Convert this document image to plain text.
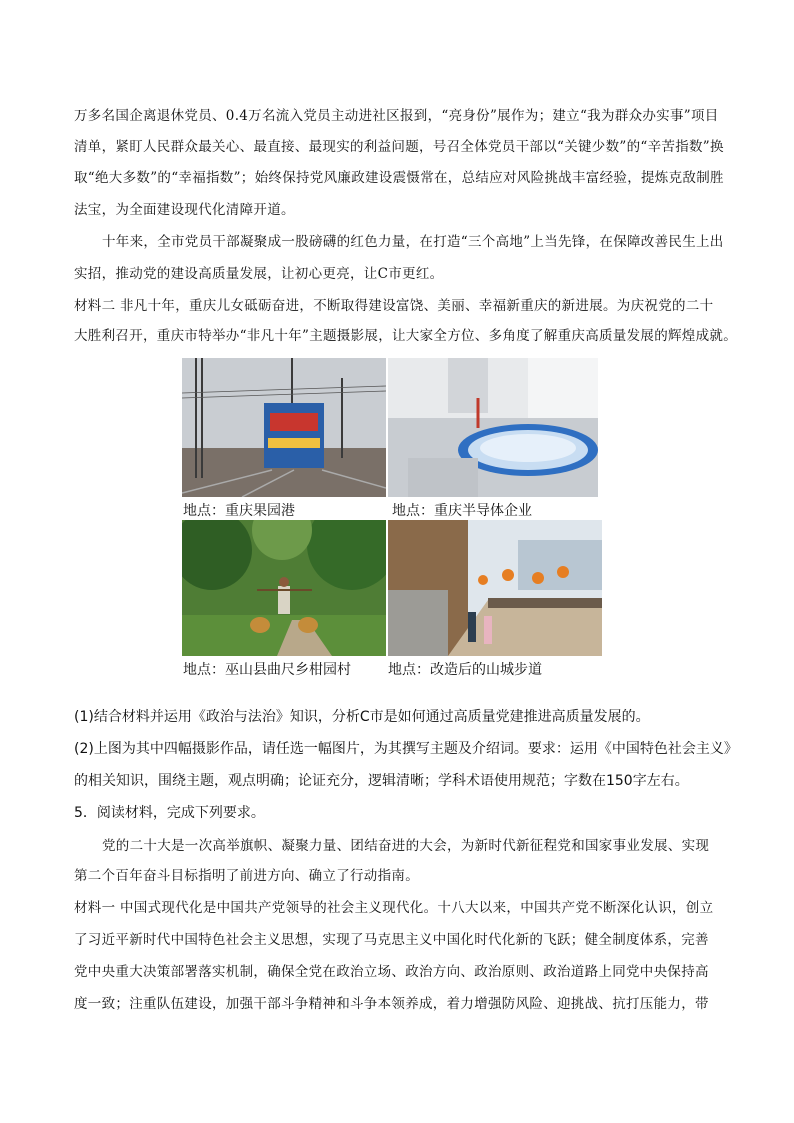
万多名国企离退休党员、0.4万名流入党员主动进社区报到，“亮身份”展作为；建立“我为群众办实事”项目

清单，紧盯人民群众最关心、最直接、最现实的利益问题，号召全体党员干部以“关键少数”的“辛苦指数”换

取“绝大多数”的“幸福指数”；始终保持党风廉政建设震慑常在，总结应对风险挑战丰富经验，提炼克敌制胜

法宝，为全面建设现代化清障开道。

十年来，全市党员干部凝聚成一股磅礴的红色力量，在打造“三个高地”上当先锋，在保障改善民生上出

实招，推动党的建设高质量发展，让初心更亮，让C市更红。

材料二 非凡十年，重庆儿女砥砺奋进，不断取得建设富饶、美丽、幸福新重庆的新进展。为庆祝党的二十

大胜利召开，重庆市特举办“非凡十年”主题摄影展，让大家全方位、多角度了解重庆高质量发展的辉煌成就。

地点：重庆果园港	地点：重庆半导体企业
地点：巫山县曲尺乡柑园村	地点：改造后的山城步道

(1)结合材料并运用《政治与法治》知识，分析C市是如何通过高质量党建推进高质量发展的。

(2)上图为其中四幅摄影作品，请任选一幅图片，为其撰写主题及介绍词。要求：运用《中国特色社会主义》

的相关知识，围绕主题，观点明确；论证充分，逻辑清晰；学科术语使用规范；字数在150字左右。

5．阅读材料，完成下列要求。

党的二十大是一次高举旗帜、凝聚力量、团结奋进的大会，为新时代新征程党和国家事业发展、实现

第二个百年奋斗目标指明了前进方向、确立了行动指南。

材料一 中国式现代化是中国共产党领导的社会主义现代化。十八大以来，中国共产党不断深化认识，创立

了习近平新时代中国特色社会主义思想，实现了马克思主义中国化时代化新的飞跃；健全制度体系，完善

党中央重大决策部署落实机制，确保全党在政治立场、政治方向、政治原则、政治道路上同党中央保持高

度一致；注重队伍建设，加强干部斗争精神和斗争本领养成，着力增强防风险、迎挑战、抗打压能力，带
